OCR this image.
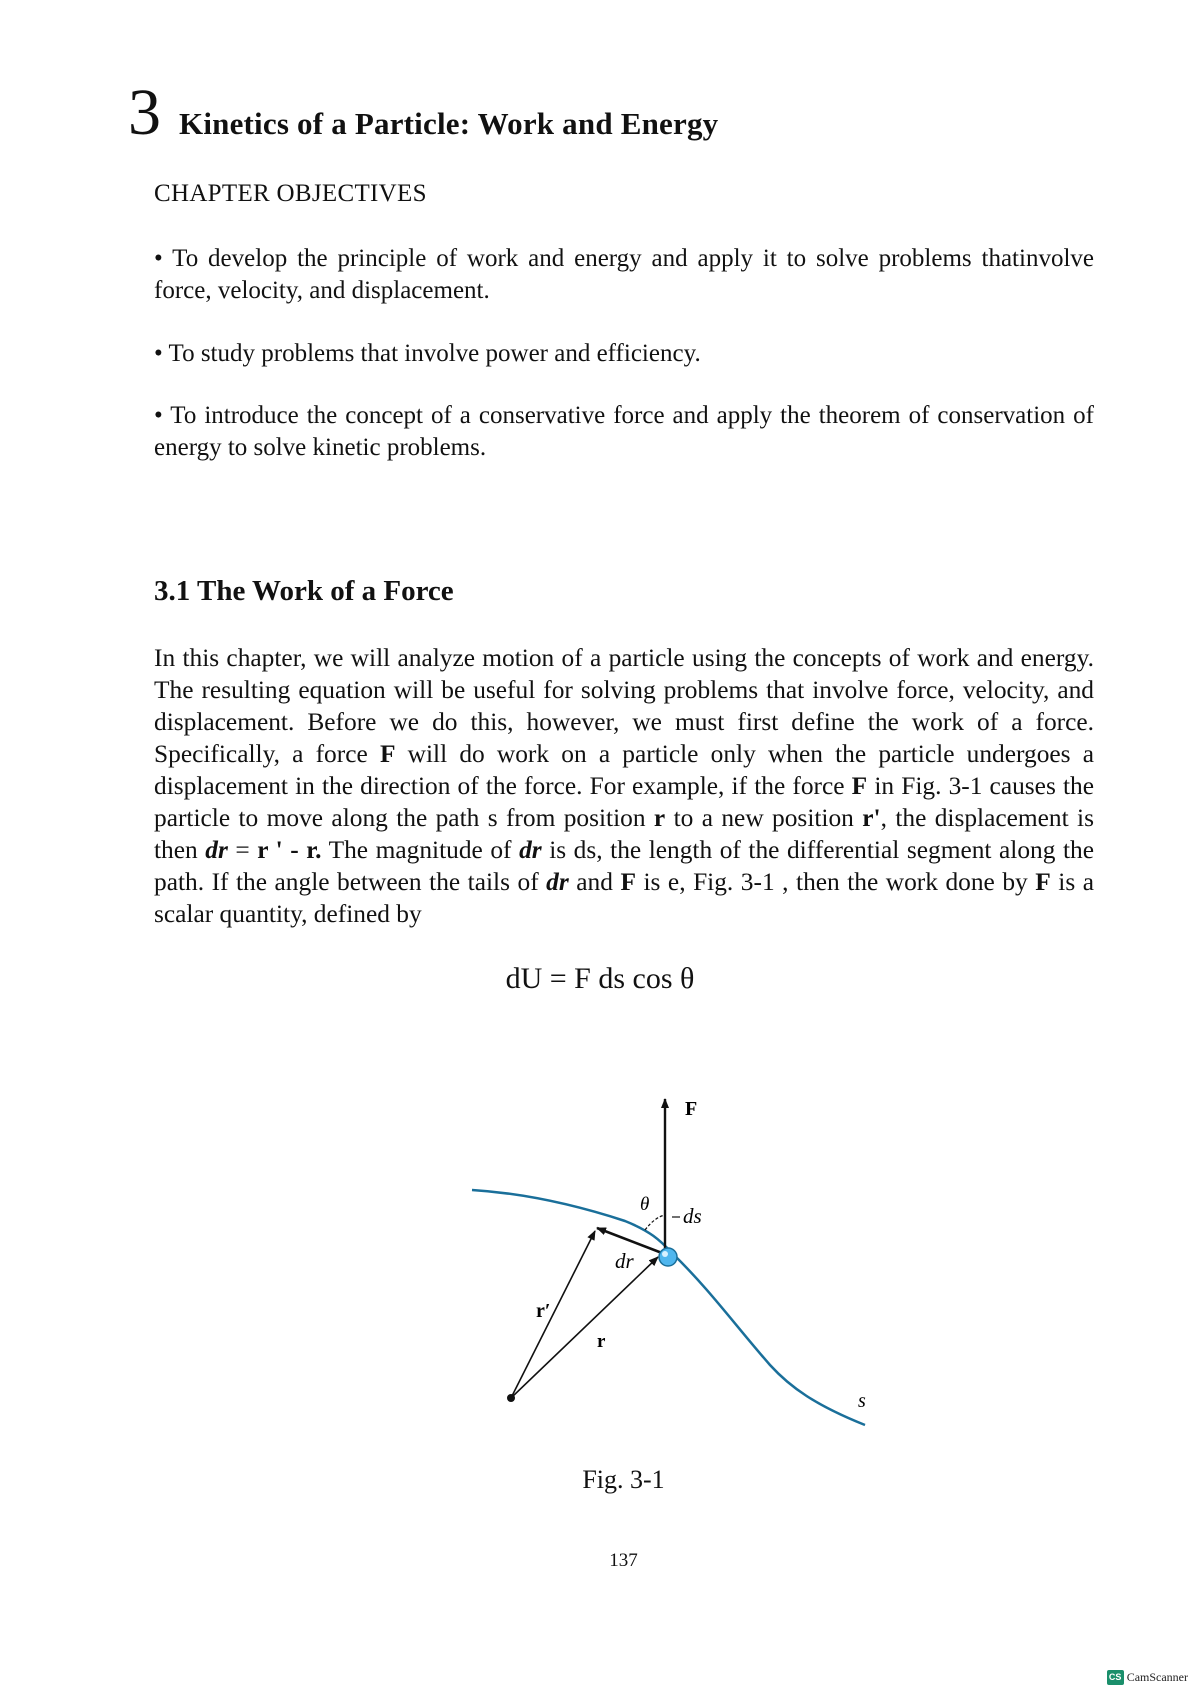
3 Kinetics of a Particle: Work and Energy
CHAPTER OBJECTIVES
• To develop the principle of work and energy and apply it to solve problems thatinvolve force, velocity, and displacement.
• To study problems that involve power and efficiency.
• To introduce the concept of a conservative force and apply the theorem of conservation of energy to solve kinetic problems.
3.1 The Work of a Force
In this chapter, we will analyze motion of a particle using the concepts of work and energy. The resulting equation will be useful for solving problems that involve force, velocity, and displacement. Before we do this, however, we must first define the work of a force. Specifically, a force F will do work on a particle only when the particle undergoes a displacement in the direction of the force. For example, if the force F in Fig. 3-1 causes the particle to move along the path s from position r to a new position r', the displacement is then dr = r ' - r. The magnitude of dr is ds, the length of the differential segment along the path. If the angle between the tails of dr and F is e, Fig. 3-1 , then the work done by F is a scalar quantity, defined by
dU = F ds cos θ
F
θ ds
dr
r′
r
s
Fig. 3-1
137
CS CamScanner
